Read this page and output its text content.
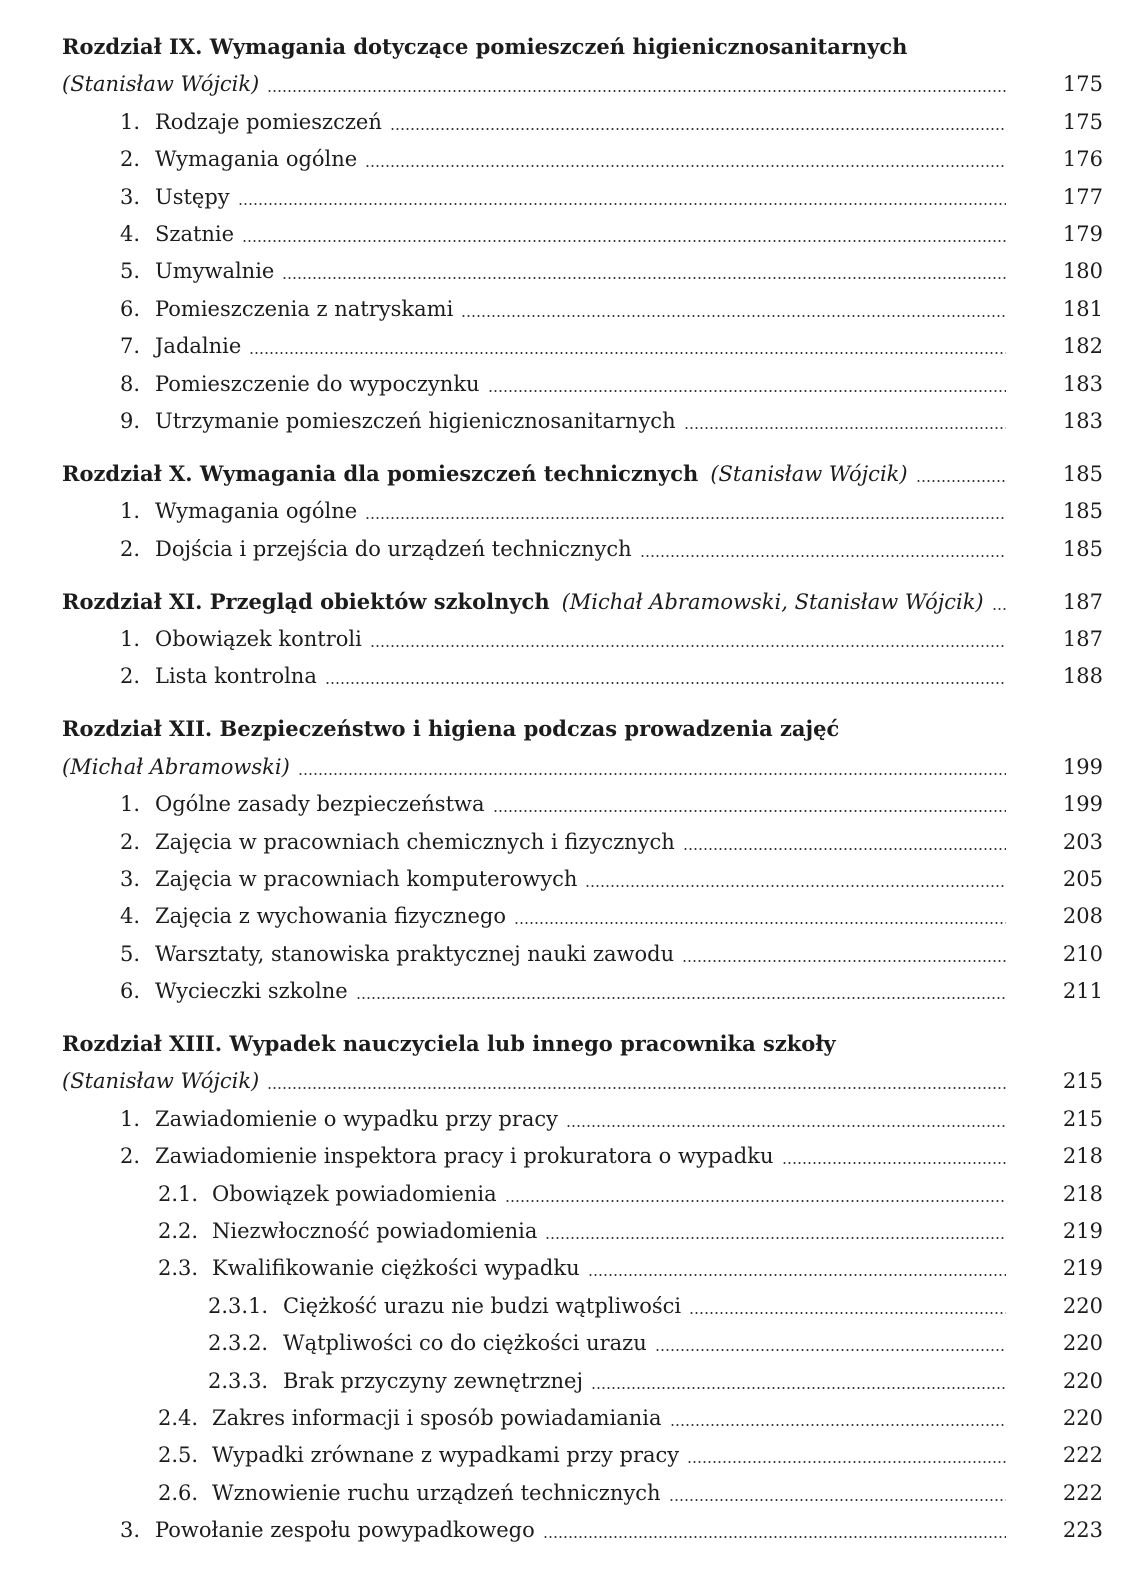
Rozdział IX. Wymagania dotyczące pomieszczeń higienicznosanitarnych
(Stanisław Wójcik)	175
1. Rodzaje pomieszczeń	175
2. Wymagania ogólne	176
3. Ustępy	177
4. Szatnie	179
5. Umywalnie	180
6. Pomieszczenia z natryskami	181
7. Jadalnie	182
8. Pomieszczenie do wypoczynku	183
9. Utrzymanie pomieszczeń higienicznosanitarnych	183
Rozdział X. Wymagania dla pomieszczeń technicznych (Stanisław Wójcik)	185
1. Wymagania ogólne	185
2. Dojścia i przejścia do urządzeń technicznych	185
Rozdział XI. Przegląd obiektów szkolnych (Michał Abramowski, Stanisław Wójcik)	187
1. Obowiązek kontroli	187
2. Lista kontrolna	188
Rozdział XII. Bezpieczeństwo i higiena podczas prowadzenia zajęć
(Michał Abramowski)	199
1. Ogólne zasady bezpieczeństwa	199
2. Zajęcia w pracowniach chemicznych i fizycznych	203
3. Zajęcia w pracowniach komputerowych	205
4. Zajęcia z wychowania fizycznego	208
5. Warsztaty, stanowiska praktycznej nauki zawodu	210
6. Wycieczki szkolne	211
Rozdział XIII. Wypadek nauczyciela lub innego pracownika szkoły
(Stanisław Wójcik)	215
1. Zawiadomienie o wypadku przy pracy	215
2. Zawiadomienie inspektora pracy i prokuratora o wypadku	218
2.1. Obowiązek powiadomienia	218
2.2. Niezwłoczność powiadomienia	219
2.3. Kwalifikowanie ciężkości wypadku	219
2.3.1. Ciężkość urazu nie budzi wątpliwości	220
2.3.2. Wątpliwości co do ciężkości urazu	220
2.3.3. Brak przyczyny zewnętrznej	220
2.4. Zakres informacji i sposób powiadamiania	220
2.5. Wypadki zrównane z wypadkami przy pracy	222
2.6. Wznowienie ruchu urządzeń technicznych	222
3. Powołanie zespołu powypadkowego	223
